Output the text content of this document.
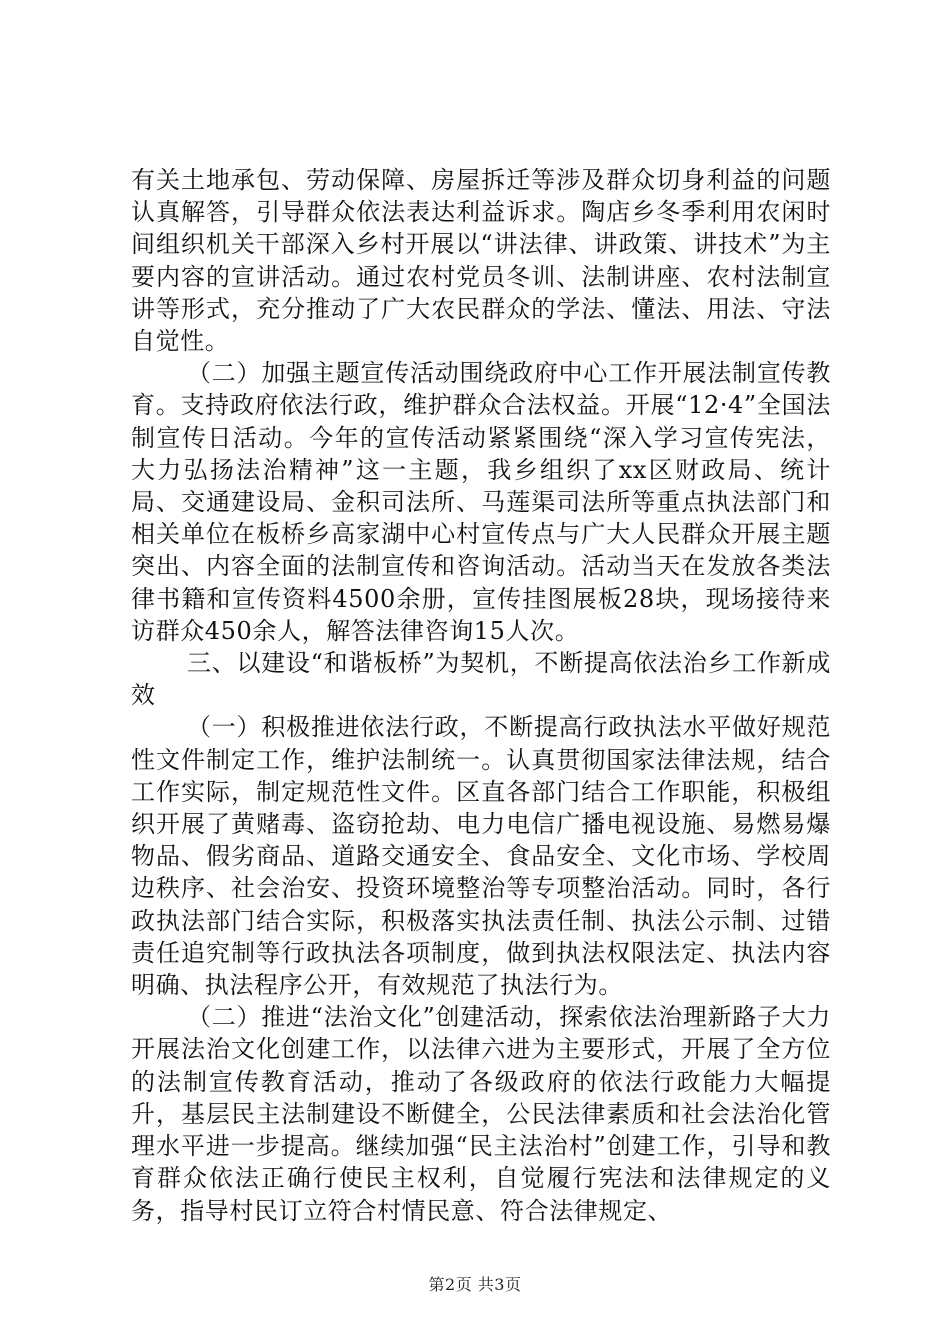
有关土地承包、劳动保障、房屋拆迁等涉及群众切身利益的问题认真解答，引导群众依法表达利益诉求。陶店乡冬季利用农闲时间组织机关干部深入乡村开展以“讲法律、讲政策、讲技术”为主要内容的宣讲活动。通过农村党员冬训、法制讲座、农村法制宣讲等形式，充分推动了广大农民群众的学法、懂法、用法、守法自觉性。

（二）加强主题宣传活动围绕政府中心工作开展法制宣传教育。支持政府依法行政，维护群众合法权益。开展“12·4”全国法制宣传日活动。今年的宣传活动紧紧围绕“深入学习宣传宪法，大力弘扬法治精神”这一主题，我乡组织了xx区财政局、统计局、交通建设局、金积司法所、马莲渠司法所等重点执法部门和相关单位在板桥乡高家湖中心村宣传点与广大人民群众开展主题突出、内容全面的法制宣传和咨询活动。活动当天在发放各类法律书籍和宣传资料4500余册，宣传挂图展板28块，现场接待来访群众450余人，解答法律咨询15人次。

三、以建设“和谐板桥”为契机，不断提高依法治乡工作新成效

（一）积极推进依法行政，不断提高行政执法水平做好规范性文件制定工作，维护法制统一。认真贯彻国家法律法规，结合工作实际，制定规范性文件。区直各部门结合工作职能，积极组织开展了黄赌毒、盗窃抢劫、电力电信广播电视设施、易燃易爆物品、假劣商品、道路交通安全、食品安全、文化市场、学校周边秩序、社会治安、投资环境整治等专项整治活动。同时，各行政执法部门结合实际，积极落实执法责任制、执法公示制、过错责任追究制等行政执法各项制度，做到执法权限法定、执法内容明确、执法程序公开，有效规范了执法行为。

（二）推进“法治文化”创建活动，探索依法治理新路子大力开展法治文化创建工作，以法律六进为主要形式，开展了全方位的法制宣传教育活动，推动了各级政府的依法行政能力大幅提升，基层民主法制建设不断健全，公民法律素质和社会法治化管理水平进一步提高。继续加强“民主法治村”创建工作，引导和教育群众依法正确行使民主权利，自觉履行宪法和法律规定的义务，指导村民订立符合村情民意、符合法律规定、

第2页 共3页
